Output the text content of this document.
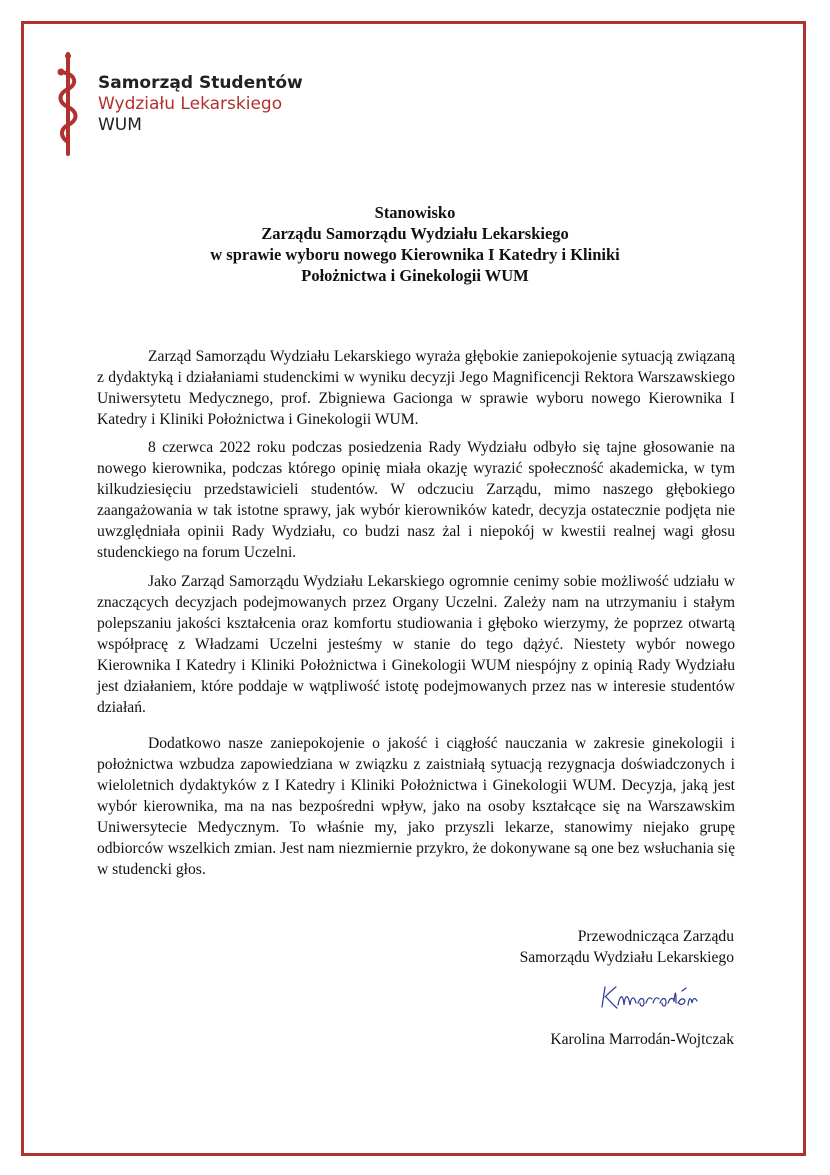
Samorząd Studentów
Wydziału Lekarskiego
WUM
Stanowisko
Zarządu Samorządu Wydziału Lekarskiego
w sprawie wyboru nowego Kierownika I Katedry i Kliniki
Położnictwa i Ginekologii WUM

Zarząd Samorządu Wydziału Lekarskiego wyraża głębokie zaniepokojenie sytuacją związaną z dydaktyką i działaniami studenckimi w wyniku decyzji Jego Magnificencji Rektora Warszawskiego Uniwersytetu Medycznego, prof. Zbigniewa Gacionga w sprawie wyboru nowego Kierownika I Katedry i Kliniki Położnictwa i Ginekologii WUM.

8 czerwca 2022 roku podczas posiedzenia Rady Wydziału odbyło się tajne głosowanie na nowego kierownika, podczas którego opinię miała okazję wyrazić społeczność akademicka, w tym kilkudziesięciu przedstawicieli studentów. W odczuciu Zarządu, mimo naszego głębokiego zaangażowania w tak istotne sprawy, jak wybór kierowników katedr, decyzja ostatecznie podjęta nie uwzględniała opinii Rady Wydziału, co budzi nasz żal i niepokój w kwestii realnej wagi głosu studenckiego na forum Uczelni.

Jako Zarząd Samorządu Wydziału Lekarskiego ogromnie cenimy sobie możliwość udziału w znaczących decyzjach podejmowanych przez Organy Uczelni. Zależy nam na utrzymaniu i stałym polepszaniu jakości kształcenia oraz komfortu studiowania i głęboko wierzymy, że poprzez otwartą współpracę z Władzami Uczelni jesteśmy w stanie do tego dążyć. Niestety wybór nowego Kierownika I Katedry i Kliniki Położnictwa i Ginekologii WUM niespójny z opinią Rady Wydziału jest działaniem, które poddaje w wątpliwość istotę podejmowanych przez nas w interesie studentów działań.

Dodatkowo nasze zaniepokojenie o jakość i ciągłość nauczania w zakresie ginekologii i położnictwa wzbudza zapowiedziana w związku z zaistniałą sytuacją rezygnacja doświadczonych i wieloletnich dydaktyków z I Katedry i Kliniki Położnictwa i Ginekologii WUM. Decyzja, jaką jest wybór kierownika, ma na nas bezpośredni wpływ, jako na osoby kształcące się na Warszawskim Uniwersytecie Medycznym. To właśnie my, jako przyszli lekarze, stanowimy niejako grupę odbiorców wszelkich zmian. Jest nam niezmiernie przykro, że dokonywane są one bez wsłuchania się w studencki głos.

Przewodnicząca Zarządu
Samorządu Wydziału Lekarskiego
Karolina Marrodán-Wojtczak
